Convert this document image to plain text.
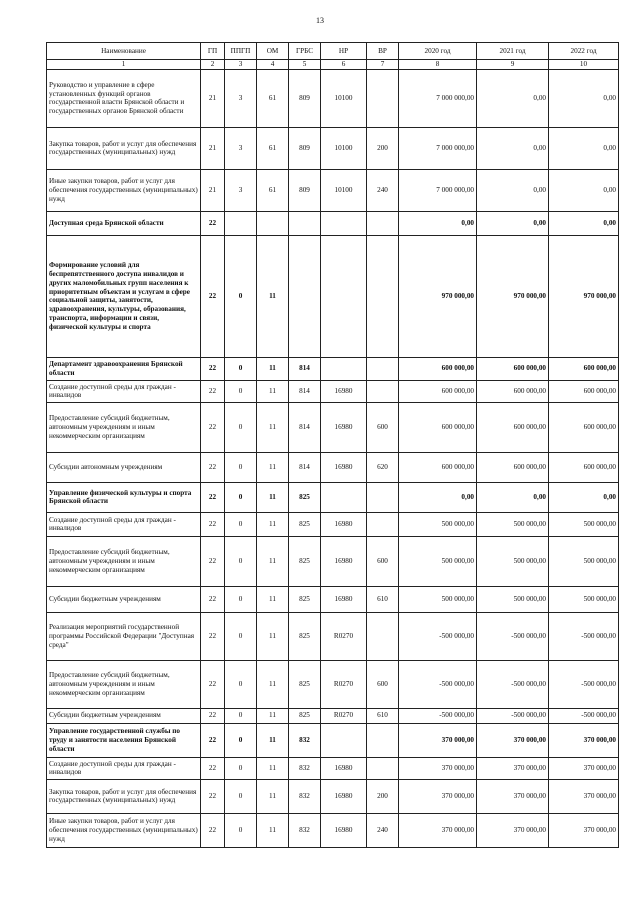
13
Наименование	ГП	ППГП	ОМ	ГРБС	НР	ВР	2020 год	2021 год	2022 год
1	2	3	4	5	6	7	8	9	10
Руководство и управление в сфере установленных функций органов государственной власти Брянской области и государственных органов Брянской области	21	3	61	809	10100		7 000 000,00	0,00	0,00
Закупка товаров, работ и услуг для обеспечения государственных (муниципальных) нужд	21	3	61	809	10100	200	7 000 000,00	0,00	0,00
Иные закупки товаров, работ и услуг для обеспечения государственных (муниципальных) нужд	21	3	61	809	10100	240	7 000 000,00	0,00	0,00
Доступная среда Брянской области	22						0,00	0,00	0,00
Формирование условий для беспрепятственного доступа инвалидов и других маломобильных групп населения к приоритетным объектам и услугам в сфере социальной защиты, занятости, здравоохранения, культуры, образования, транспорта, информации и связи, физической культуры и спорта	22	0	11				970 000,00	970 000,00	970 000,00
Департамент здравоохранения Брянской области	22	0	11	814			600 000,00	600 000,00	600 000,00
Создание доступной среды для граждан - инвалидов	22	0	11	814	16980		600 000,00	600 000,00	600 000,00
Предоставление субсидий бюджетным, автономным учреждениям и иным некоммерческим организациям	22	0	11	814	16980	600	600 000,00	600 000,00	600 000,00
Субсидии автономным учреждениям	22	0	11	814	16980	620	600 000,00	600 000,00	600 000,00
Управление физической культуры и спорта Брянской области	22	0	11	825			0,00	0,00	0,00
Создание доступной среды для граждан - инвалидов	22	0	11	825	16980		500 000,00	500 000,00	500 000,00
Предоставление субсидий бюджетным, автономным учреждениям и иным некоммерческим организациям	22	0	11	825	16980	600	500 000,00	500 000,00	500 000,00
Субсидии бюджетным учреждениям	22	0	11	825	16980	610	500 000,00	500 000,00	500 000,00
Реализация мероприятий государственной программы Российской Федерации "Доступная среда"	22	0	11	825	R0270		-500 000,00	-500 000,00	-500 000,00
Предоставление субсидий бюджетным, автономным учреждениям и иным некоммерческим организациям	22	0	11	825	R0270	600	-500 000,00	-500 000,00	-500 000,00
Субсидии бюджетным учреждениям	22	0	11	825	R0270	610	-500 000,00	-500 000,00	-500 000,00
Управление государственной службы по труду и занятости населения Брянской области	22	0	11	832			370 000,00	370 000,00	370 000,00
Создание доступной среды для граждан - инвалидов	22	0	11	832	16980		370 000,00	370 000,00	370 000,00
Закупка товаров, работ и услуг для обеспечения государственных (муниципальных) нужд	22	0	11	832	16980	200	370 000,00	370 000,00	370 000,00
Иные закупки товаров, работ и услуг для обеспечения государственных (муниципальных) нужд	22	0	11	832	16980	240	370 000,00	370 000,00	370 000,00
